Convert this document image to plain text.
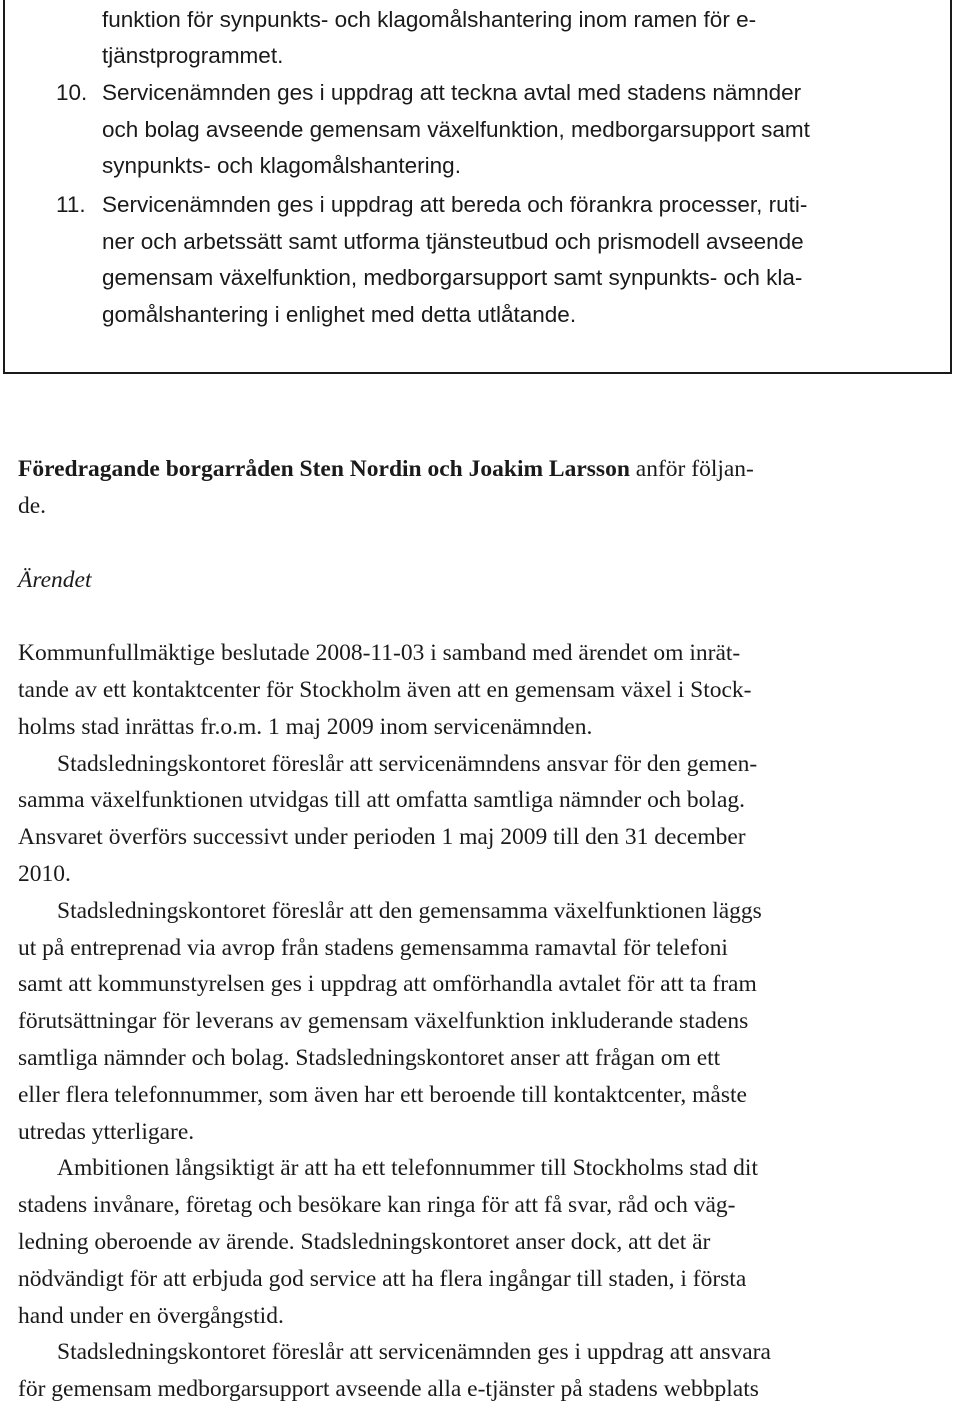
funktion för synpunkts- och klagomålshantering inom ramen för e-
tjänstprogrammet.
10. Servicenämnden ges i uppdrag att teckna avtal med stadens nämnder
och bolag avseende gemensam växelfunktion, medborgarsupport samt
synpunkts- och klagomålshantering.
11. Servicenämnden ges i uppdrag att bereda och förankra processer, ruti-
ner och arbetssätt samt utforma tjänsteutbud och prismodell avseende
gemensam växelfunktion, medborgarsupport samt synpunkts- och kla-
gomålshantering i enlighet med detta utlåtande.
Föredragande borgarråden Sten Nordin och Joakim Larsson anför följan-
de.
Ärendet
Kommunfullmäktige beslutade 2008-11-03 i samband med ärendet om inrät-
tande av ett kontaktcenter för Stockholm även att en gemensam växel i Stock-
holms stad inrättas fr.o.m. 1 maj 2009 inom servicenämnden.
Stadsledningskontoret föreslår att servicenämndens ansvar för den gemen-
samma växelfunktionen utvidgas till att omfatta samtliga nämnder och bolag.
Ansvaret överförs successivt under perioden 1 maj 2009 till den 31 december
2010.
Stadsledningskontoret föreslår att den gemensamma växelfunktionen läggs
ut på entreprenad via avrop från stadens gemensamma ramavtal för telefoni
samt att kommunstyrelsen ges i uppdrag att omförhandla avtalet för att ta fram
förutsättningar för leverans av gemensam växelfunktion inkluderande stadens
samtliga nämnder och bolag. Stadsledningskontoret anser att frågan om ett
eller flera telefonnummer, som även har ett beroende till kontaktcenter, måste
utredas ytterligare.
Ambitionen långsiktigt är att ha ett telefonnummer till Stockholms stad dit
stadens invånare, företag och besökare kan ringa för att få svar, råd och väg-
ledning oberoende av ärende. Stadsledningskontoret anser dock, att det är
nödvändigt för att erbjuda god service att ha flera ingångar till staden, i första
hand under en övergångstid.
Stadsledningskontoret föreslår att servicenämnden ges i uppdrag att ansvara
för gemensam medborgarsupport avseende alla e-tjänster på stadens webbplats
